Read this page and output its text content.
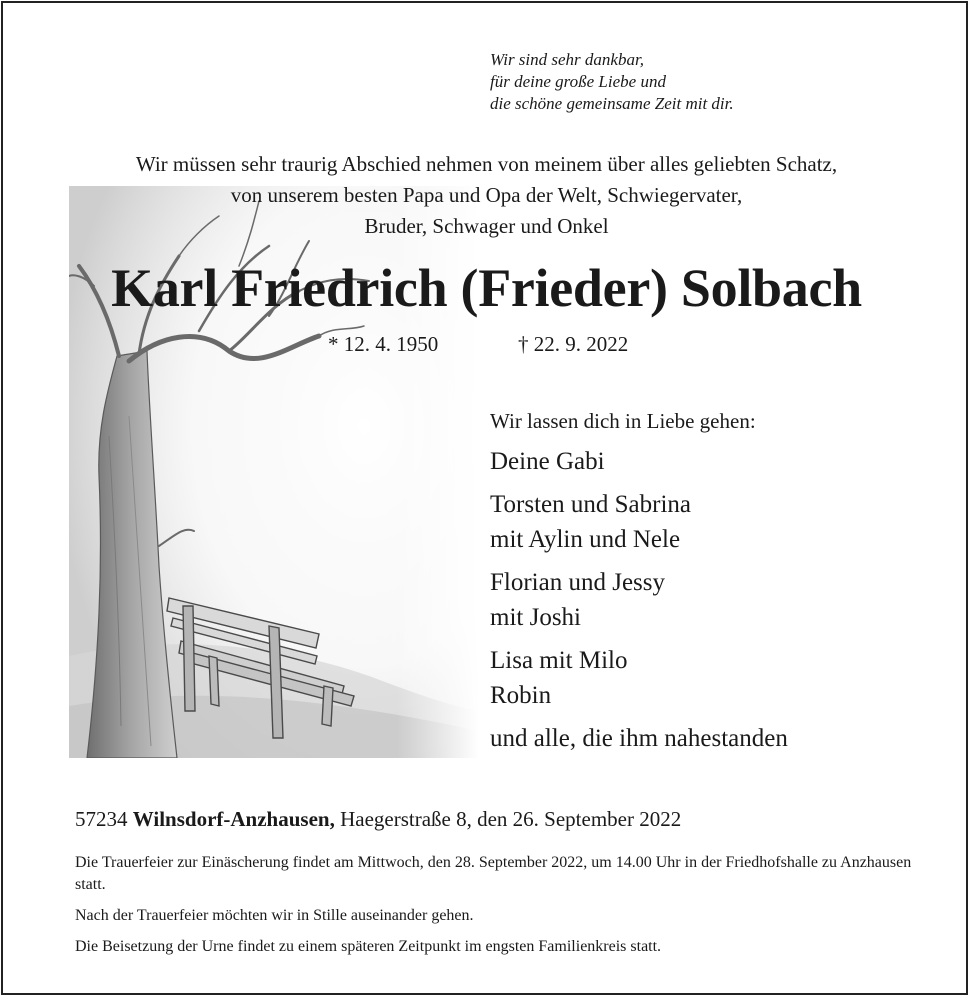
Wir sind sehr dankbar,
für deine große Liebe und
die schöne gemeinsame Zeit mit dir.
Wir müssen sehr traurig Abschied nehmen von meinem über alles geliebten Schatz,
von unserem besten Papa und Opa der Welt, Schwiegervater,
Bruder, Schwager und Onkel
Karl Friedrich (Frieder) Solbach
* 12. 4. 1950	† 22. 9. 2022
Wir lassen dich in Liebe gehen:
Deine Gabi
Torsten und Sabrina
mit Aylin und Nele
Florian und Jessy
mit Joshi
Lisa mit Milo
Robin
und alle, die ihm nahestanden
57234 Wilnsdorf-Anzhausen, Haegerstraße 8, den 26. September 2022

Die Trauerfeier zur Einäscherung findet am Mittwoch, den 28. September 2022, um 14.00 Uhr in der Friedhofshalle zu Anzhausen statt.

Nach der Trauerfeier möchten wir in Stille auseinander gehen.

Die Beisetzung der Urne findet zu einem späteren Zeitpunkt im engsten Familienkreis statt.
